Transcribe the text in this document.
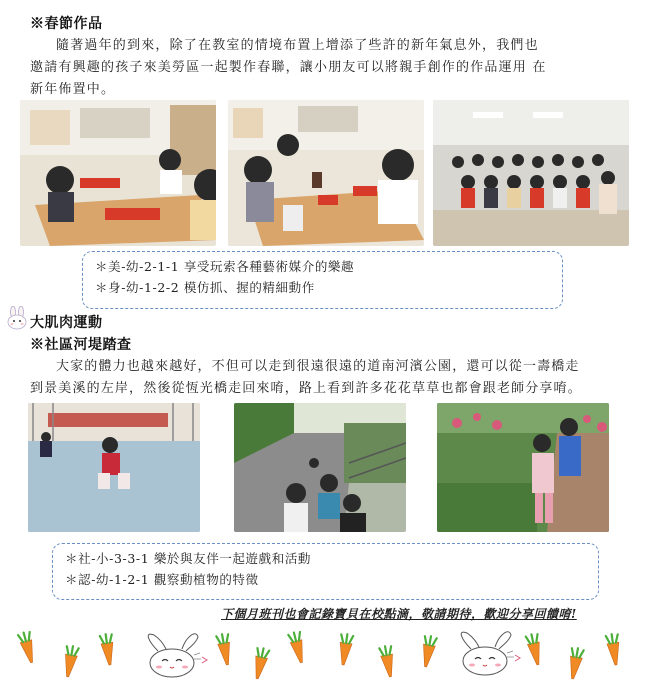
※春節作品
隨著過年的到來，除了在教室的情境布置上增添了些許的新年氣息外，我們也
邀請有興趣的孩子來美勞區一起製作春聯，讓小朋友可以將親手創作的作品運用 在
新年佈置中。
＊美-幼-2-1-1 享受玩索各種藝術媒介的樂趣
＊身-幼-1-2-2 模仿抓、握的精細動作
大肌肉運動
※社區河堤踏查
大家的體力也越來越好，不但可以走到很遠很遠的道南河濱公園，還可以從一壽橋走
到景美溪的左岸，然後從恆光橋走回來唷，路上看到許多花花草草也都會跟老師分享唷。
＊社-小-3-3-1 樂於與友伴一起遊戲和活動
＊認-幼-1-2-1 觀察動植物的特徵
下個月班刊也會記錄寶貝在校點滴，敬請期待，歡迎分享回饋唷!
